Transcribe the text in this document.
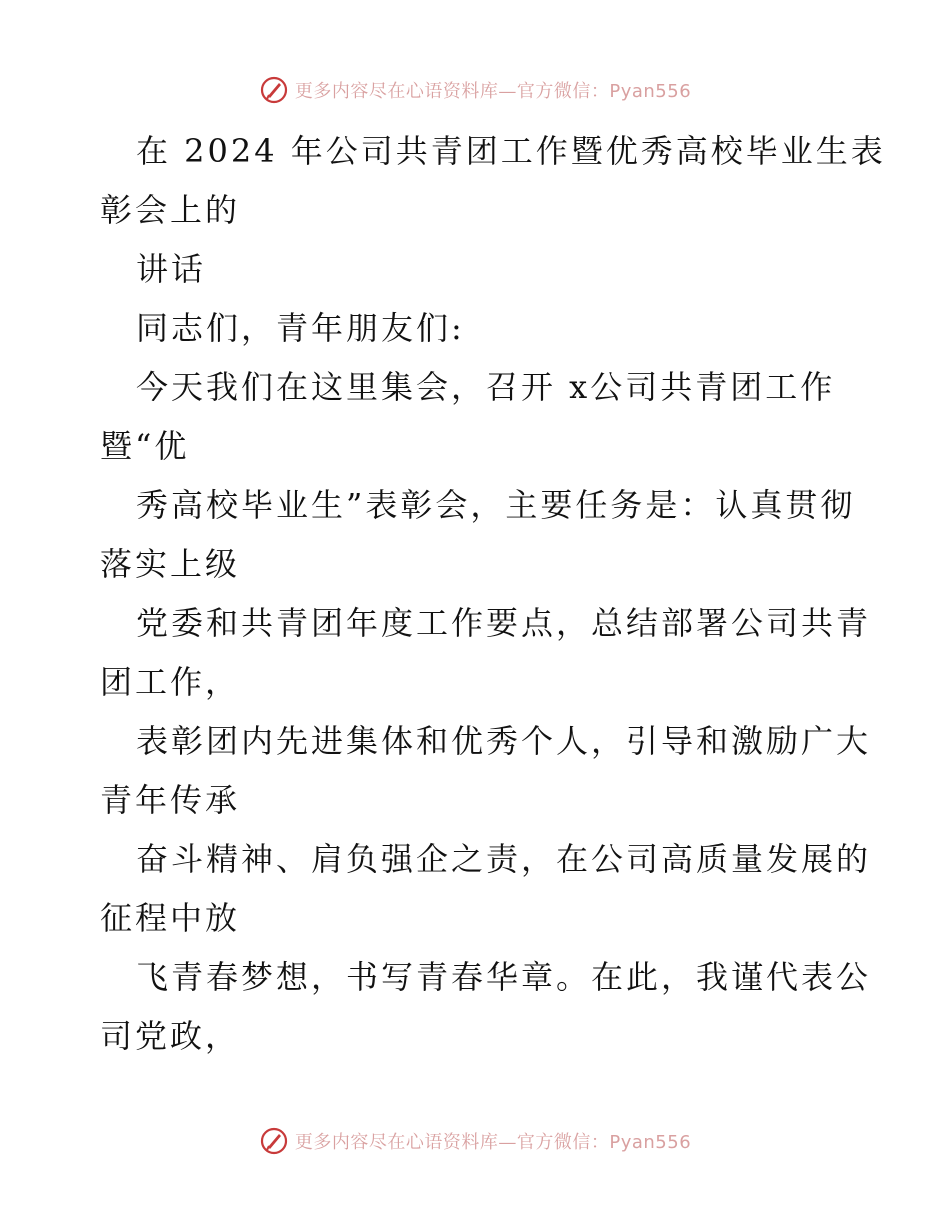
更多内容尽在心语资料库—官方微信：Pyan556
在 2024 年公司共青团工作暨优秀高校毕业生表
彰会上的
讲话
同志们，青年朋友们:
今天我们在这里集会，召开 x公司共青团工作
暨“优
秀高校毕业生”表彰会，主要任务是：认真贯彻
落实上级
党委和共青团年度工作要点，总结部署公司共青
团工作，
表彰团内先进集体和优秀个人，引导和激励广大
青年传承
奋斗精神、肩负强企之责，在公司高质量发展的
征程中放
飞青春梦想，书写青春华章。在此，我谨代表公
司党政，
更多内容尽在心语资料库—官方微信：Pyan556
